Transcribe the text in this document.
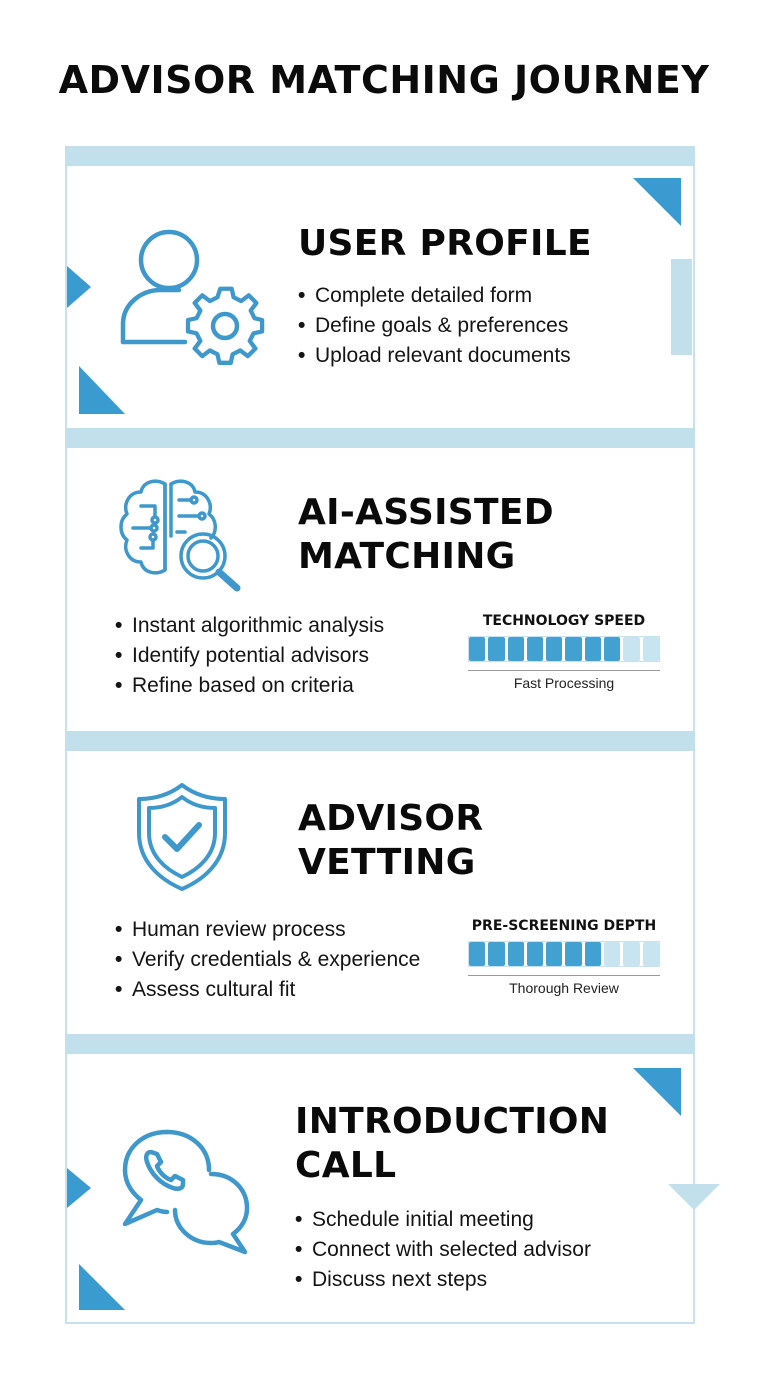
ADVISOR MATCHING JOURNEY
USER PROFILE
• Complete detailed form
• Define goals & preferences
• Upload relevant documents
AI-ASSISTED
MATCHING
• Instant algorithmic analysis
• Identify potential advisors
• Refine based on criteria
TECHNOLOGY SPEED
Fast Processing
ADVISOR
VETTING
• Human review process
• Verify credentials & experience
• Assess cultural fit
PRE-SCREENING DEPTH
Thorough Review
INTRODUCTION
CALL
• Schedule initial meeting
• Connect with selected advisor
• Discuss next steps
